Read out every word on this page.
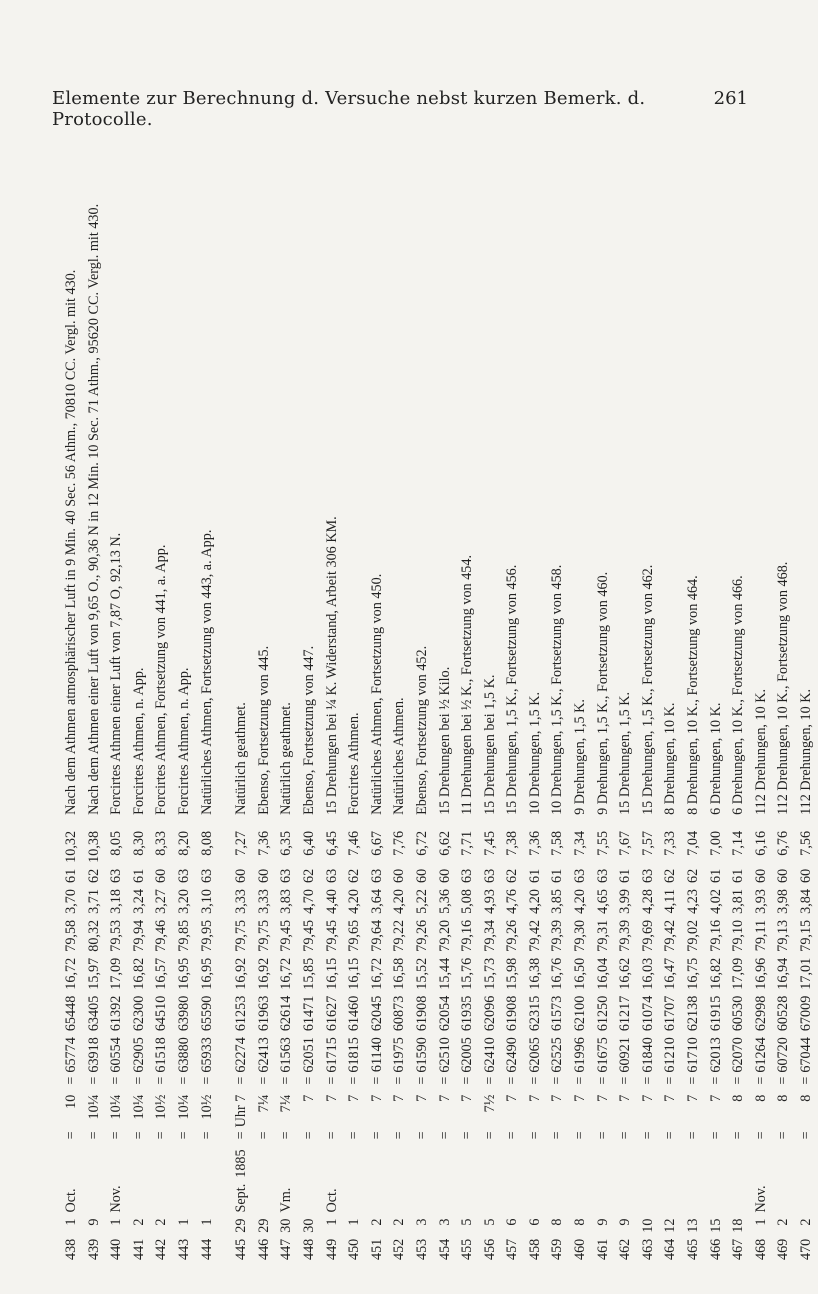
Elemente zur Berechnung d. Versuche nebst kurzen Bemerk. d. Protocolle.
261
438	1	Oct.		=	10	=	65774	65448	16,72	79,58	3,70	61	10,32	Nach dem Athmen atmosphärischer Luft in 9 Min. 40 Sec. 56 Athm., 70810 CC. Vergl. mit 430.
439	9			=	10¼	=	63918	63405	15,97	80,32	3,71	62	10,38	Nach dem Athmen einer Luft von 9,65 O., 90,36 N in 12 Min. 10 Sec. 71 Athm., 95620 CC. Vergl. mit 430.
440	1	Nov.		=	10¼	=	60554	61392	17,09	79,53	3,18	63	8,05	Forcirtes Athmen einer Luft von 7,87 O, 92,13 N.
441	2			=	10¼	=	62905	62300	16,82	79,94	3,24	61	8,30	Forcirtes Athmen, n. App.
442	2			=	10½	=	61518	64510	16,57	79,46	3,27	60	8,33	Forcirtes Athmen, Fortsetzung von 441, a. App.
443	1			=	10¼	=	63880	63980	16,95	79,85	3,20	63	8,20	Forcirtes Athmen, n. App.
444	1			=	10½	=	65933	65590	16,95	79,95	3,10	63	8,08	Natürliches Athmen, Fortsetzung von 443, a. App.
445	29	Sept.	1885	=	Uhr 7	=	62274	61253	16,92	79,75	3,33	60	7,27	Natürlich geathmet.
446	29			=	7¼	=	62413	61963	16,92	79,75	3,33	60	7,36	Ebenso, Fortsetzung von 445.
447	30	Vm.		=	7¼	=	61563	62614	16,72	79,45	3,83	63	6,35	Natürlich geathmet.
448	30			=	7	=	62051	61471	15,85	79,45	4,70	62	6,40	Ebenso, Fortsetzung von 447.
449	1	Oct.		=	7	=	61715	61627	16,15	79,45	4,40	63	6,45	15 Drehungen bei ¼ K. Widerstand, Arbeit 306 KM.
450	1			=	7	=	61815	61460	16,15	79,65	4,20	62	7,46	Forcirtes Athmen.
451	2			=	7	=	61140	62045	16,72	79,64	3,64	63	6,67	Natürliches Athmen, Fortsetzung von 450.
452	2			=	7	=	61975	60873	16,58	79,22	4,20	60	7,76	Natürliches Athmen.
453	3			=	7	=	61590	61908	15,52	79,26	5,22	60	6,72	Ebenso, Fortsetzung von 452.
454	3			=	7	=	62510	62054	15,44	79,20	5,36	60	6,62	15 Drehungen bei ½ Kilo.
455	5			=	7	=	62005	61935	15,76	79,16	5,08	63	7,71	11 Drehungen bei ½ K., Fortsetzung von 454.
456	5			=	7½	=	62410	62096	15,73	79,34	4,93	63	7,45	15 Drehungen bei 1,5 K.
457	6			=	7	=	62490	61908	15,98	79,26	4,76	62	7,38	15 Drehungen, 1,5 K., Fortsetzung von 456.
458	6			=	7	=	62065	62315	16,38	79,42	4,20	61	7,36	10 Drehungen, 1,5 K.
459	8			=	7	=	62525	61573	16,76	79,39	3,85	61	7,58	10 Drehungen, 1,5 K., Fortsetzung von 458.
460	8			=	7	=	61996	62100	16,50	79,30	4,20	63	7,34	9 Drehungen, 1,5 K.
461	9			=	7	=	61675	61250	16,04	79,31	4,65	63	7,55	9 Drehungen, 1,5 K., Fortsetzung von 460.
462	9			=	7	=	60921	61217	16,62	79,39	3,99	61	7,67	15 Drehungen, 1,5 K.
463	10			=	7	=	61840	61074	16,03	79,69	4,28	63	7,57	15 Drehungen, 1,5 K., Fortsetzung von 462.
464	12			=	7	=	61210	61707	16,47	79,42	4,11	62	7,33	8 Drehungen, 10 K.
465	13			=	7	=	61710	62138	16,75	79,02	4,23	62	7,04	8 Drehungen, 10 K., Fortsetzung von 464.
466	15			=	7	=	62013	61915	16,82	79,16	4,02	61	7,00	6 Drehungen, 10 K.
467	18			=	8	=	62070	60530	17,09	79,10	3,81	61	7,14	6 Drehungen, 10 K., Fortsetzung von 466.
468	1	Nov.		=	8	=	61264	62998	16,96	79,11	3,93	60	6,16	112 Drehungen, 10 K.
469	2			=	8	=	60720	60528	16,94	79,13	3,98	60	6,76	112 Drehungen, 10 K., Fortsetzung von 468.
470	2			=	8	=	67044	67009	17,01	79,15	3,84	60	7,56	112 Drehungen, 10 K.
